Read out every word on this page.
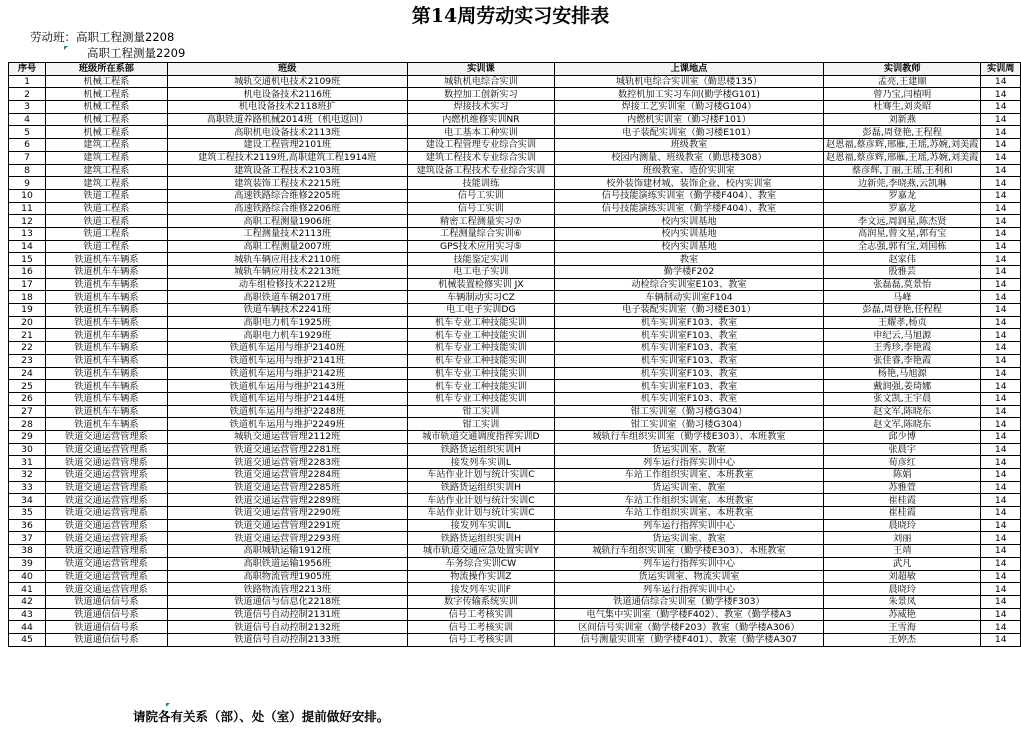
第14周劳动实习安排表
劳动班：高职工程测量2208
高职工程测量2209
序号	班级所在系部	班级	实训课	上课地点	实训教师	实训周
1	机械工程系	城轨交通机电技术2109班	城轨机电综合实训	城轨机电综合实训室（勤思楼135）	孟亮,王建顺	14
2	机械工程系	机电设备技术2116班	数控加工创新实习	数控机加工实习车间(勤学楼G101)	曾乃宝,闫植明	14
3	机械工程系	机电设备技术2118班扩	焊接技术实习	焊接工艺实训室（勤习楼G104）	杜骞生,刘炎昭	14
4	机械工程系	高职铁道养路机械2014班（机电返回）	内燃机维修实训NR	内燃机实训室（勤习楼F101）	刘新燕	14
5	机械工程系	高职机电设备技术2113班	电工基本工种实训	电子装配实训室（勤习楼E101）	彭磊,周登艳,王程程	14
6	建筑工程系	建设工程管理2101班	建设工程管理专业综合实训	班级教室	赵恩福,蔡彦辉,邢雁,王瑶,苏婉,刘美霞	14
7	建筑工程系	建筑工程技术2119班,高职建筑工程1914班	建筑工程技术专业综合实训	校园内测量、班级教室（勤思楼308）	赵恩福,蔡彦辉,邢雁,王瑶,苏婉,刘美霞	14
8	建筑工程系	建筑设备工程技术2103班	建筑设备工程技术专业综合实训	班级教室、造价实训室	蔡彦辉,丁丽,王瑶,王利和	14
9	建筑工程系	建筑装饰工程技术2215班	技能训练	校外装饰建材城、装饰企业、校内实训室	边新莞,李晓燕,云凯琳	14
10	铁道工程系	高速铁路综合维修2205班	信号工实训	信号技能演练实训室（勤学楼F404）、教室	罗嘉龙	14
11	铁道工程系	高速铁路综合维修2206班	信号工实训	信号技能演练实训室（勤学楼F404）、教室	罗嘉龙	14
12	铁道工程系	高职工程测量1906班	精密工程测量实习⑦	校内实训基地	李文远,周润星,陈杰贤	14
13	铁道工程系	工程测量技术2113班	工程测量综合实训⑥	校内实训基地	高润星,曾文星,郭有宝	14
14	铁道工程系	高职工程测量2007班	GPS技术应用实习⑤	校内实训基地	全志强,郭有宝,刘国栋	14
15	铁道机车车辆系	城轨车辆应用技术2110班	技能鉴定实训	教室	赵家伟	14
16	铁道机车车辆系	城轨车辆应用技术2213班	电工电子实训	勤学楼F202	殷雅芸	14
17	铁道机车车辆系	动车组检修技术2212班	机械装置检修实训 JX	动检综合实训室E103、教室	张磊磊,莫景怡	14
18	铁道机车车辆系	高职铁道车辆2017班	车辆制动实习CZ	车辆制动实训室F104	马峰	14
19	铁道机车车辆系	铁道车辆技术2241班	电工电子实训DG	电子装配实训室（勤习楼E301）	彭磊,周登艳,任程程	14
20	铁道机车车辆系	高职电力机车1925班	机车专业工种技能实训	机车实训室F103、教室	王耀孝,杨贞	14
21	铁道机车车辆系	高职电力机车1929班	机车专业工种技能实训	机车实训室F103、教室	申纪云,马旭源	14
22	铁道机车车辆系	铁道机车运用与维护2140班	机车专业工种技能实训	机车实训室F103、教室	王秀珍,李艳霞	14
23	铁道机车车辆系	铁道机车运用与维护2141班	机车专业工种技能实训	机车实训室F103、教室	张佳睿,李艳霞	14
24	铁道机车车辆系	铁道机车运用与维护2142班	机车专业工种技能实训	机车实训室F103、教室	杨艳,马旭源	14
25	铁道机车车辆系	铁道机车运用与维护2143班	机车专业工种技能实训	机车实训室F103、教室	戴润强,姜琦娜	14
26	铁道机车车辆系	铁道机车运用与维护2144班	机车专业工种技能实训	机车实训室F103、教室	张文凯,王宇晨	14
27	铁道机车车辆系	铁道机车运用与维护2248班	钳工实训	钳工实训室（勤习楼G304）	赵文军,陈晓东	14
28	铁道机车车辆系	铁道机车运用与维护2249班	钳工实训	钳工实训室（勤习楼G304）	赵文军,陈晓东	14
29	铁道交通运营管理系	城轨交通运营管理2112班	城市轨道交通调度指挥实训D	城轨行车组织实训室（勤学楼E303）、本班教室	邱少博	14
30	铁道交通运营管理系	铁道交通运营管理2281班	铁路货运组织实训H	货运实训室、教室	张晨宇	14
31	铁道交通运营管理系	铁道交通运营管理2283班	接发列车实训L	列车运行指挥实训中心	荀彦红	14
32	铁道交通运营管理系	铁道交通运营管理2284班	车站作业计划与统计实训C	车站工作组织实训室、本班教室	陈娟	14
33	铁道交通运营管理系	铁道交通运营管理2285班	铁路货运组织实训H	货运实训室、教室	苏雅萱	14
34	铁道交通运营管理系	铁道交通运营管理2289班	车站作业计划与统计实训C	车站工作组织实训室、本班教室	崔桂霞	14
35	铁道交通运营管理系	铁道交通运营管理2290班	车站作业计划与统计实训C	车站工作组织实训室、本班教室	崔桂霞	14
36	铁道交通运营管理系	铁道交通运营管理2291班	接发列车实训L	列车运行指挥实训中心	晨晓玲	14
37	铁道交通运营管理系	铁道交通运营管理2293班	铁路货运组织实训H	货运实训室、教室	刘丽	14
38	铁道交通运营管理系	高职城轨运输1912班	城市轨道交通应急处置实训Y	城轨行车组织实训室（勤学楼E303）、本班教室	王靖	14
39	铁道交通运营管理系	高职铁道运输1956班	车务综合实训CW	列车运行指挥实训中心	武凡	14
40	铁道交通运营管理系	高职物流管理1905班	物流操作实训Z	货运实训室、物流实训室	刘超敏	14
41	铁道交通运营管理系	铁路物流管理2213班	接发列车实训F	列车运行指挥实训中心	晨晓玲	14
42	铁道通信信号系	铁道通信与信息化2218班	数字传输系统实训	铁道通信综合实训室（勤学楼F303）	朱景凤	14
43	铁道通信信号系	铁道信号自动控制2131班	信号工考核实训	电气集中实训室（勤学楼F402）、教室（勤学楼A3	苏威艳	14
44	铁道通信信号系	铁道信号自动控制2132班	信号工考核实训	区间信号实训室（勤学楼F203）教室（勤学楼A306）	王雪海	14
45	铁道通信信号系	铁道信号自动控制2133班	信号工考核实训	信号测量实训室（勤学楼F401）、教室（勤学楼A307	王婷杰	14
请院各有关系（部）、处（室）提前做好安排。
